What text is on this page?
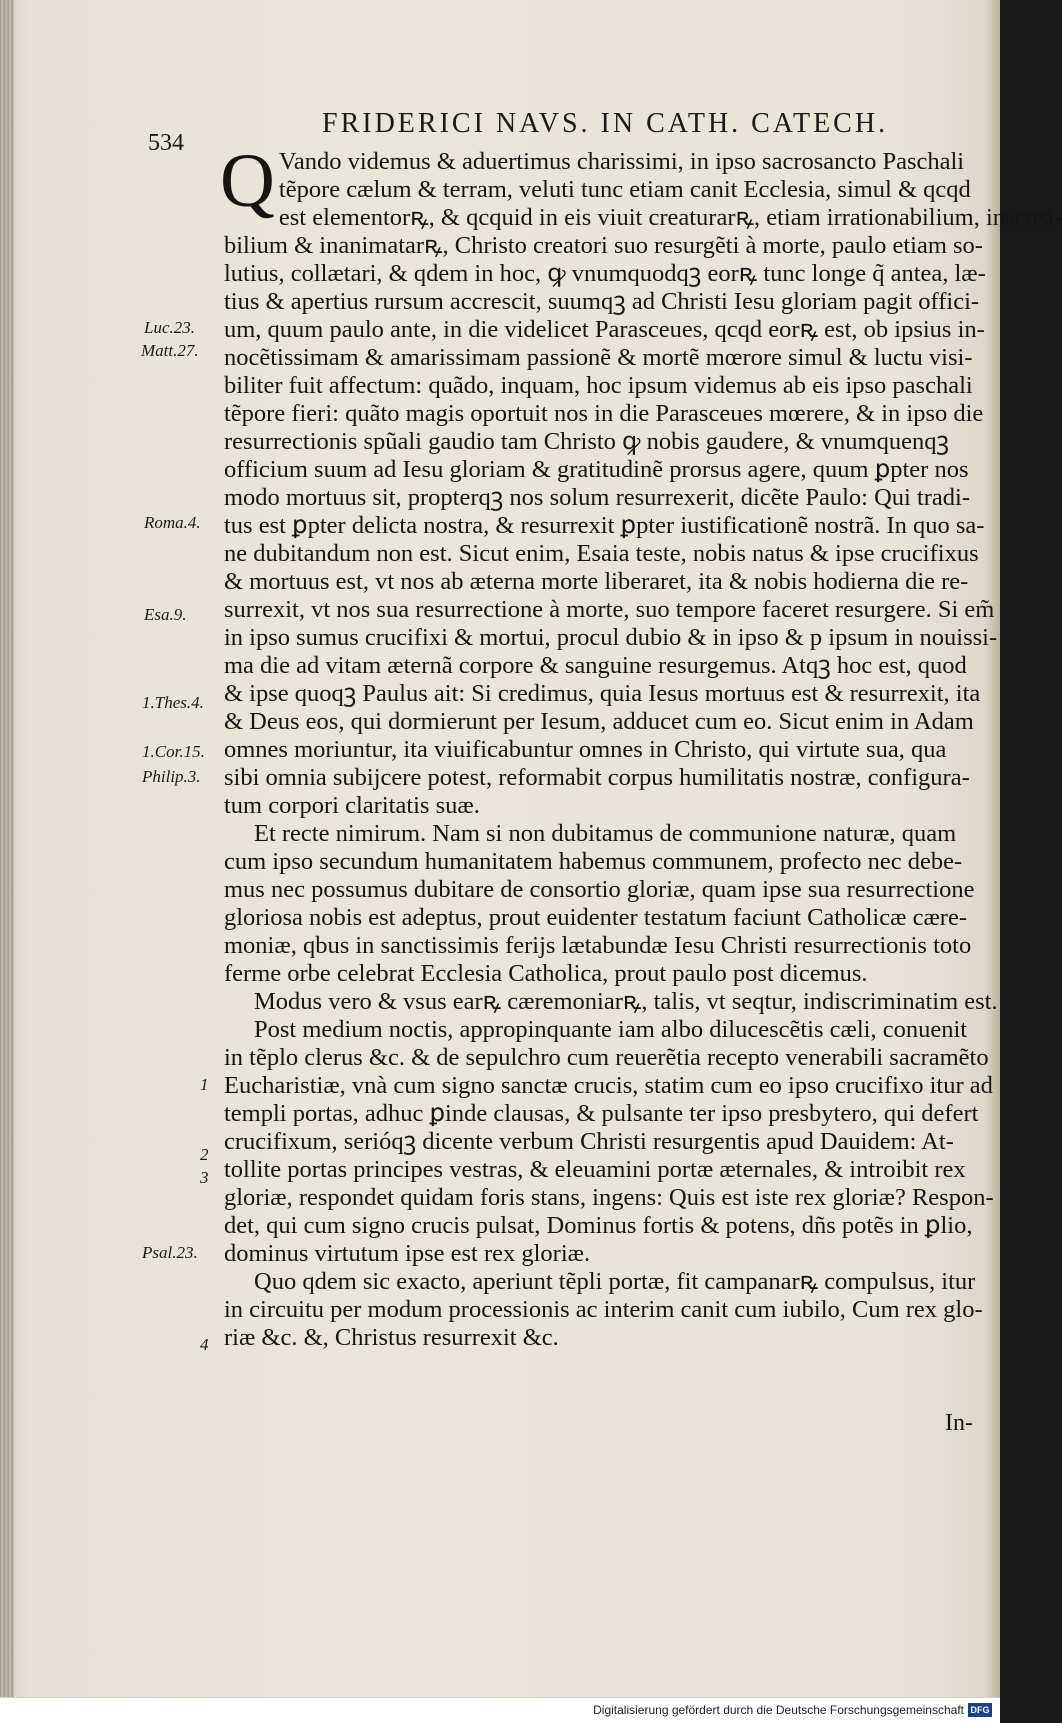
FRIDERICI NAVS. IN CATH. CATECH.
534
Luc.23.
Matt.27.
Roma.4.
Esa.9.
1.Thes.4.
1.Cor.15.
Philip.3.
1
2
3
Psal.23.
4
Q Vando videmus & aduertimus charissimi, in ipso sacrosancto Paschali
tẽpore cælum & terram, veluti tunc etiam canit Ecclesia, simul & qcqd
est elementorꝶ, & qcquid in eis viuit creaturarꝶ, etiam irrationabilium, insensi-
bilium & inanimatarꝶ, Christo creatori suo resurgẽti à morte, paulo etiam so-
lutius, collætari, & qdem in hoc, ꝙ vnumquodqꝫ eorꝶ tunc longe q̃ antea, læ-
tius & apertius rursum accrescit, suumqꝫ ad Christi Iesu gloriam pagit offici-
um, quum paulo ante, in die videlicet Parasceues, qcqd eorꝶ est, ob ipsius in-
nocẽtissimam & amarissimam passionẽ & mortẽ mœrore simul & luctu visi-
biliter fuit affectum: quãdo, inquam, hoc ipsum videmus ab eis ipso paschali
tẽpore fieri: quãto magis oportuit nos in die Parasceues mœrere, & in ipso die
resurrectionis spũali gaudio tam Christo ꝙ nobis gaudere, & vnumquenqꝫ
officium suum ad Iesu gloriam & gratitudinẽ prorsus agere, quum ꝑpter nos
modo mortuus sit, propterqꝫ nos solum resurrexerit, dicẽte Paulo: Qui tradi-
tus est ꝑpter delicta nostra, & resurrexit ꝑpter iustificationẽ nostrã. In quo sa-
ne dubitandum non est. Sicut enim, Esaia teste, nobis natus & ipse crucifixus
& mortuus est, vt nos ab æterna morte liberaret, ita & nobis hodierna die re-
surrexit, vt nos sua resurrectione à morte, suo tempore faceret resurgere. Si em̃
in ipso sumus crucifixi & mortui, procul dubio & in ipso & p ipsum in nouissi-
ma die ad vitam æternã corpore & sanguine resurgemus. Atqꝫ hoc est, quod
& ipse quoqꝫ Paulus ait: Si credimus, quia Iesus mortuus est & resurrexit, ita
& Deus eos, qui dormierunt per Iesum, adducet cum eo. Sicut enim in Adam
omnes moriuntur, ita viuificabuntur omnes in Christo, qui virtute sua, qua
sibi omnia subijcere potest, reformabit corpus humilitatis nostræ, configura-
tum corpori claritatis suæ.
Et recte nimirum. Nam si non dubitamus de communione naturæ, quam
cum ipso secundum humanitatem habemus communem, profecto nec debe-
mus nec possumus dubitare de consortio gloriæ, quam ipse sua resurrectione
gloriosa nobis est adeptus, prout euidenter testatum faciunt Catholicæ cære-
moniæ, qbus in sanctissimis ferijs lætabundæ Iesu Christi resurrectionis toto
ferme orbe celebrat Ecclesia Catholica, prout paulo post dicemus.
Modus vero & vsus earꝶ cæremoniarꝶ, talis, vt seqtur, indiscriminatim est.
Post medium noctis, appropinquante iam albo dilucescẽtis cæli, conuenit
in tẽplo clerus &c. & de sepulchro cum reuerẽtia recepto venerabili sacramẽto
Eucharistiæ, vnà cum signo sanctæ crucis, statim cum eo ipso crucifixo itur ad
templi portas, adhuc ꝑinde clausas, & pulsante ter ipso presbytero, qui defert
crucifixum, serióqꝫ dicente verbum Christi resurgentis apud Dauidem: At-
tollite portas principes vestras, & eleuamini portæ æternales, & introibit rex
gloriæ, respondet quidam foris stans, ingens: Quis est iste rex gloriæ? Respon-
det, qui cum signo crucis pulsat, Dominus fortis & potens, dñs potẽs in ꝑlio,
dominus virtutum ipse est rex gloriæ.
Quo qdem sic exacto, aperiunt tẽpli portæ, fit campanarꝶ compulsus, itur
in circuitu per modum processionis ac interim canit cum iubilo, Cum rex glo-
riæ &c. &, Christus resurrexit &c.
In-
Digitalisierung gefördert durch die Deutsche Forschungsgemeinschaft DFG
